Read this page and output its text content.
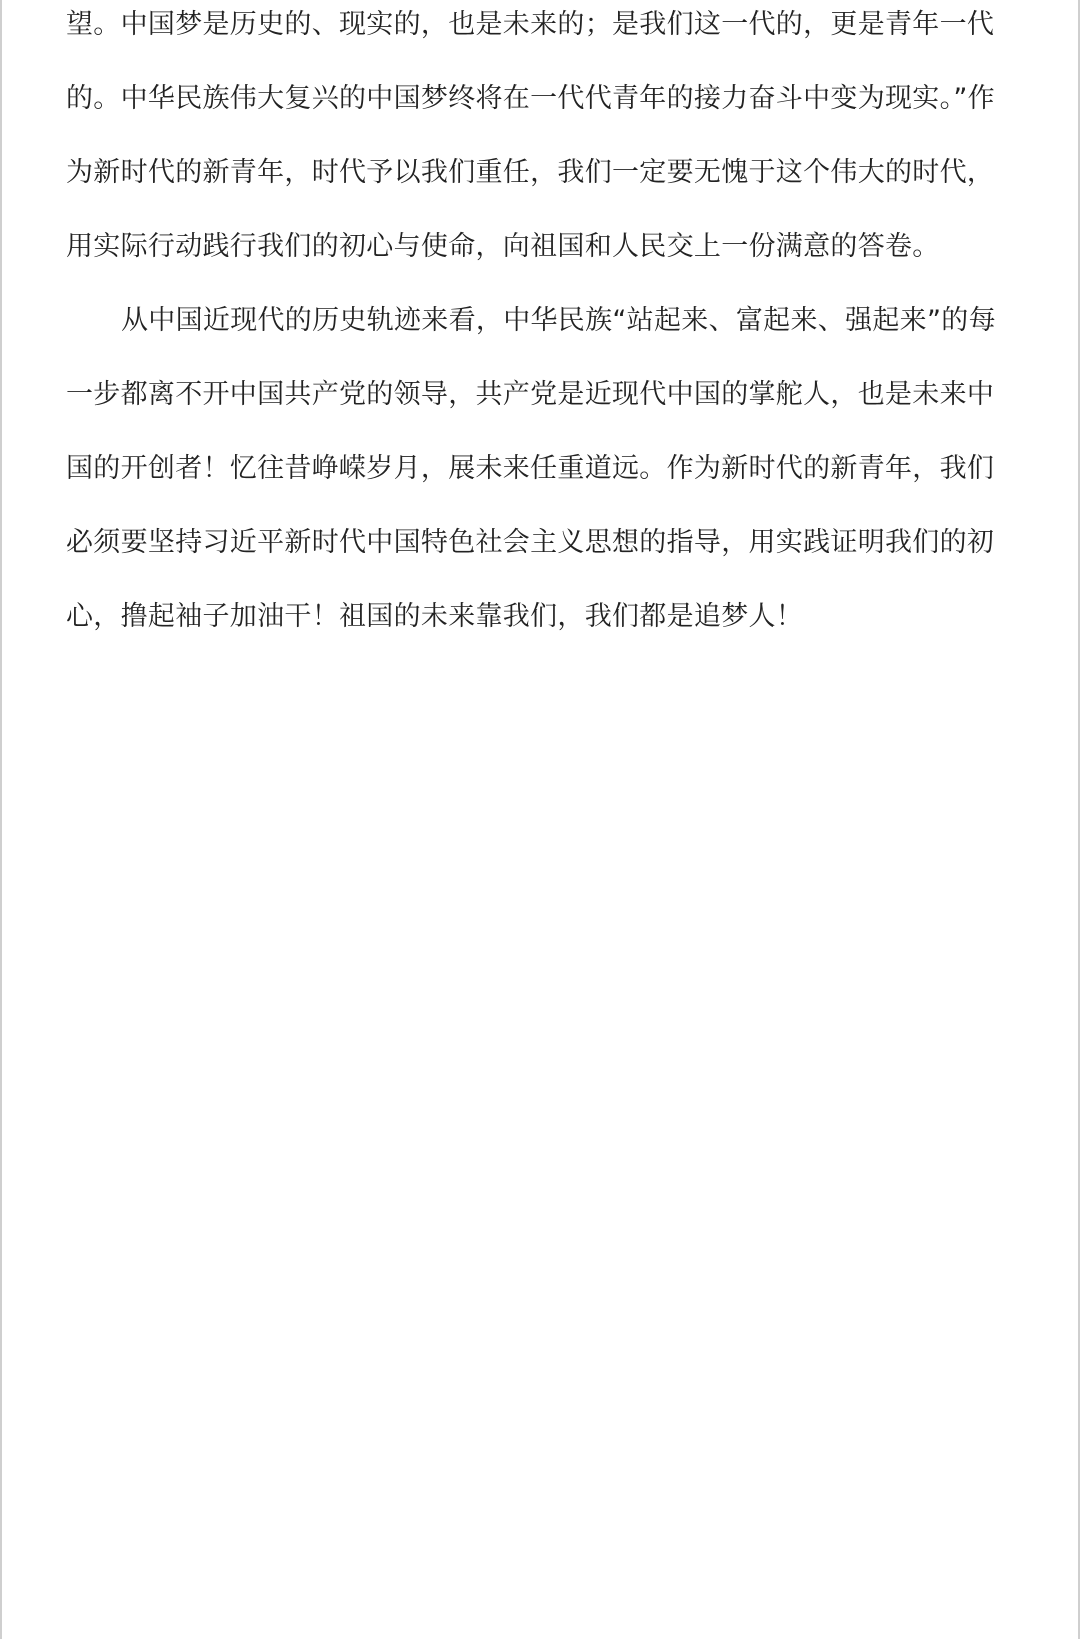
望。中国梦是历史的、现实的，也是未来的；是我们这一代的，更是青年一代
的。中华民族伟大复兴的中国梦终将在一代代青年的接力奋斗中变为现实。”作
为新时代的新青年，时代予以我们重任，我们一定要无愧于这个伟大的时代，
用实际行动践行我们的初心与使命，向祖国和人民交上一份满意的答卷。
从中国近现代的历史轨迹来看，中华民族“站起来、富起来、强起来”的每
一步都离不开中国共产党的领导，共产党是近现代中国的掌舵人，也是未来中
国的开创者！忆往昔峥嵘岁月，展未来任重道远。作为新时代的新青年，我们
必须要坚持习近平新时代中国特色社会主义思想的指导，用实践证明我们的初
心，撸起袖子加油干！祖国的未来靠我们，我们都是追梦人！
